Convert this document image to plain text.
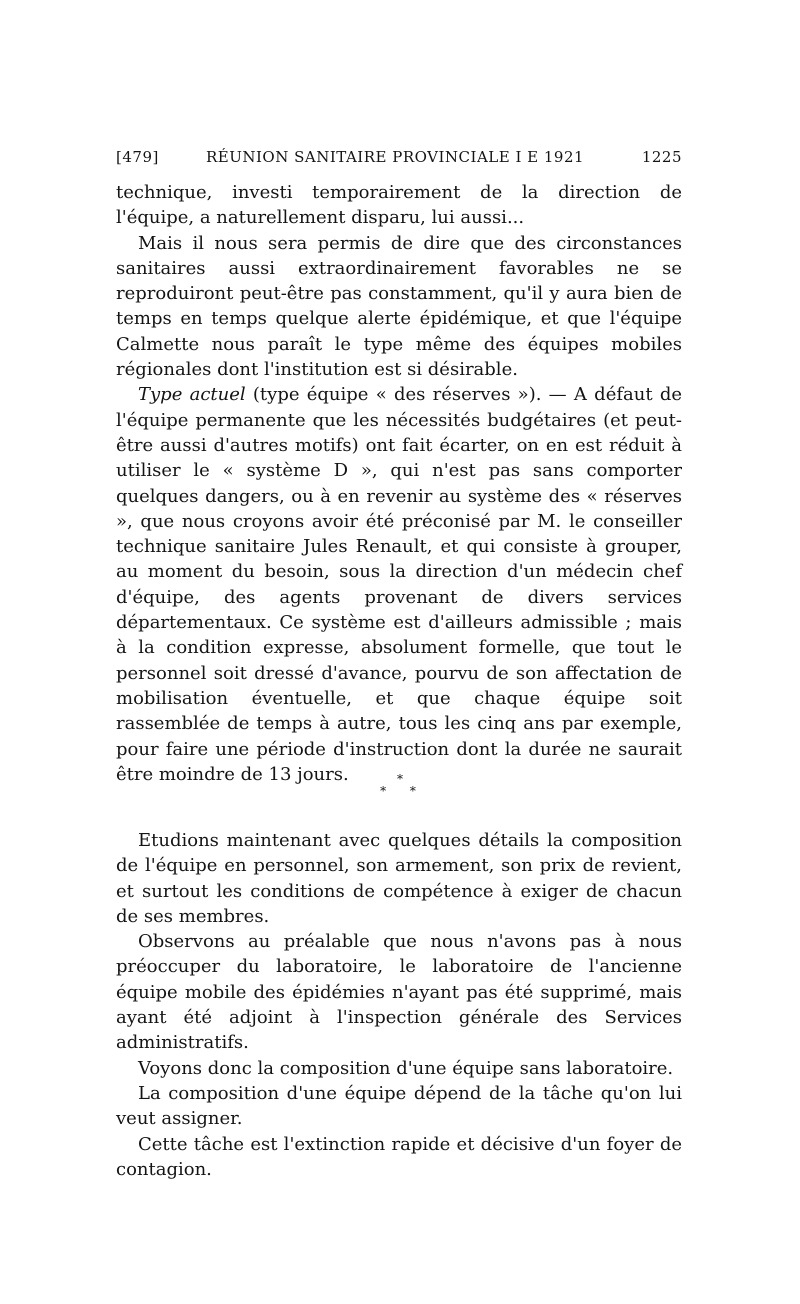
[479]	RÉUNION SANITAIRE PROVINCIALE I E 1921	1225

technique, investi temporairement de la direction de l'équipe, a naturellement disparu, lui aussi...

Mais il nous sera permis de dire que des circonstances sanitaires aussi extraordinairement favorables ne se reproduiront peut-être pas constamment, qu'il y aura bien de temps en temps quelque alerte épidémique, et que l'équipe Calmette nous paraît le type même des équipes mobiles régionales dont l'institution est si désirable.

Type actuel (type équipe « des réserves »). — A défaut de l'équipe permanente que les nécessités budgétaires (et peut-être aussi d'autres motifs) ont fait écarter, on en est réduit à utiliser le « système D », qui n'est pas sans comporter quelques dangers, ou à en revenir au système des « réserves », que nous croyons avoir été préconisé par M. le conseiller technique sanitaire Jules Renault, et qui consiste à grouper, au moment du besoin, sous la direction d'un médecin chef d'équipe, des agents provenant de divers services départementaux. Ce système est d'ailleurs admissible ; mais à la condition expresse, absolument formelle, que tout le personnel soit dressé d'avance, pourvu de son affectation de mobilisation éventuelle, et que chaque équipe soit rassemblée de temps à autre, tous les cinq ans par exemple, pour faire une période d'instruction dont la durée ne saurait être moindre de 13 jours.	*
* *

Etudions maintenant avec quelques détails la composition de l'équipe en personnel, son armement, son prix de revient, et surtout les conditions de compétence à exiger de chacun de ses membres.

Observons au préalable que nous n'avons pas à nous préoccuper du laboratoire, le laboratoire de l'ancienne équipe mobile des épidémies n'ayant pas été supprimé, mais ayant été adjoint à l'inspection générale des Services administratifs.

Voyons donc la composition d'une équipe sans laboratoire.

La composition d'une équipe dépend de la tâche qu'on lui veut assigner.

Cette tâche est l'extinction rapide et décisive d'un foyer de contagion.
